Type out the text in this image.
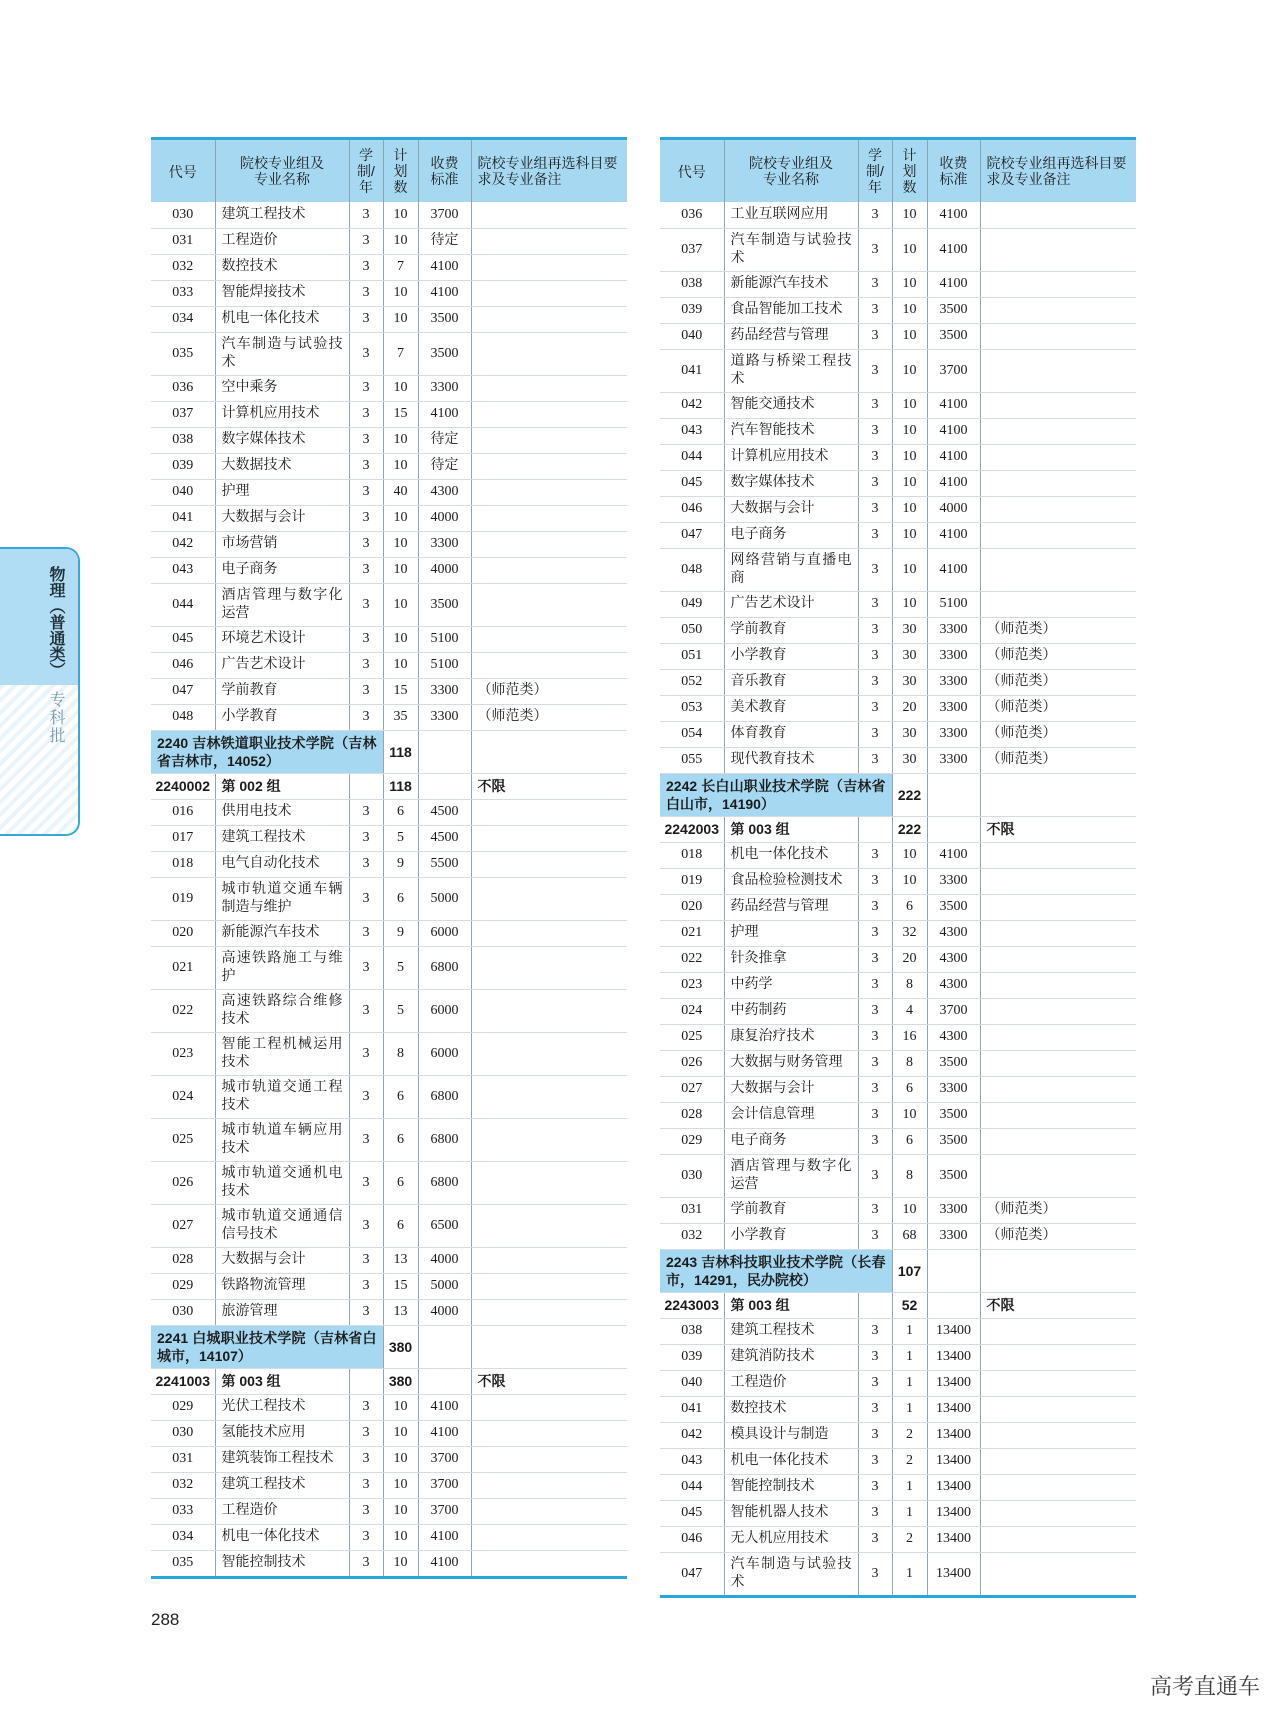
物理（普通类）
专科批
代号	院校专业组及专业名称	学制/年	计划数	收费标准	院校专业组再选科目要求及专业备注
030	建筑工程技术	3	10	3700	
031	工程造价	3	10	待定	
032	数控技术	3	7	4100	
033	智能焊接技术	3	10	4100	
034	机电一体化技术	3	10	3500	
035	汽车制造与试验技术	3	7	3500	
036	空中乘务	3	10	3300	
037	计算机应用技术	3	15	4100	
038	数字媒体技术	3	10	待定	
039	大数据技术	3	10	待定	
040	护理	3	40	4300	
041	大数据与会计	3	10	4000	
042	市场营销	3	10	3300	
043	电子商务	3	10	4000	
044	酒店管理与数字化运营	3	10	3500	
045	环境艺术设计	3	10	5100	
046	广告艺术设计	3	10	5100	
047	学前教育	3	15	3300	（师范类）
048	小学教育	3	35	3300	（师范类）
2240 吉林铁道职业技术学院（吉林省吉林市，14052）			118		
2240002	第 002 组		118		不限
016	供用电技术	3	6	4500	
017	建筑工程技术	3	5	4500	
018	电气自动化技术	3	9	5500	
019	城市轨道交通车辆制造与维护	3	6	5000	
020	新能源汽车技术	3	9	6000	
021	高速铁路施工与维护	3	5	6800	
022	高速铁路综合维修技术	3	5	6000	
023	智能工程机械运用技术	3	8	6000	
024	城市轨道交通工程技术	3	6	6800	
025	城市轨道车辆应用技术	3	6	6800	
026	城市轨道交通机电技术	3	6	6800	
027	城市轨道交通通信信号技术	3	6	6500	
028	大数据与会计	3	13	4000	
029	铁路物流管理	3	15	5000	
030	旅游管理	3	13	4000	
2241 白城职业技术学院（吉林省白城市，14107）			380		
2241003	第 003 组		380		不限
029	光伏工程技术	3	10	4100	
030	氢能技术应用	3	10	4100	
031	建筑装饰工程技术	3	10	3700	
032	建筑工程技术	3	10	3700	
033	工程造价	3	10	3700	
034	机电一体化技术	3	10	4100	
035	智能控制技术	3	10	4100	
代号	院校专业组及专业名称	学制/年	计划数	收费标准	院校专业组再选科目要求及专业备注
036	工业互联网应用	3	10	4100	
037	汽车制造与试验技术	3	10	4100	
038	新能源汽车技术	3	10	4100	
039	食品智能加工技术	3	10	3500	
040	药品经营与管理	3	10	3500	
041	道路与桥梁工程技术	3	10	3700	
042	智能交通技术	3	10	4100	
043	汽车智能技术	3	10	4100	
044	计算机应用技术	3	10	4100	
045	数字媒体技术	3	10	4100	
046	大数据与会计	3	10	4000	
047	电子商务	3	10	4100	
048	网络营销与直播电商	3	10	4100	
049	广告艺术设计	3	10	5100	
050	学前教育	3	30	3300	（师范类）
051	小学教育	3	30	3300	（师范类）
052	音乐教育	3	30	3300	（师范类）
053	美术教育	3	20	3300	（师范类）
054	体育教育	3	30	3300	（师范类）
055	现代教育技术	3	30	3300	（师范类）
2242 长白山职业技术学院（吉林省白山市，14190）			222		
2242003	第 003 组		222		不限
018	机电一体化技术	3	10	4100	
019	食品检验检测技术	3	10	3300	
020	药品经营与管理	3	6	3500	
021	护理	3	32	4300	
022	针灸推拿	3	20	4300	
023	中药学	3	8	4300	
024	中药制药	3	4	3700	
025	康复治疗技术	3	16	4300	
026	大数据与财务管理	3	8	3500	
027	大数据与会计	3	6	3300	
028	会计信息管理	3	10	3500	
029	电子商务	3	6	3500	
030	酒店管理与数字化运营	3	8	3500	
031	学前教育	3	10	3300	（师范类）
032	小学教育	3	68	3300	（师范类）
2243 吉林科技职业技术学院（长春市，14291，民办院校）			107		
2243003	第 003 组		52		不限
038	建筑工程技术	3	1	13400	
039	建筑消防技术	3	1	13400	
040	工程造价	3	1	13400	
041	数控技术	3	1	13400	
042	模具设计与制造	3	2	13400	
043	机电一体化技术	3	2	13400	
044	智能控制技术	3	1	13400	
045	智能机器人技术	3	1	13400	
046	无人机应用技术	3	2	13400	
047	汽车制造与试验技术	3	1	13400	
288
高考直通车
